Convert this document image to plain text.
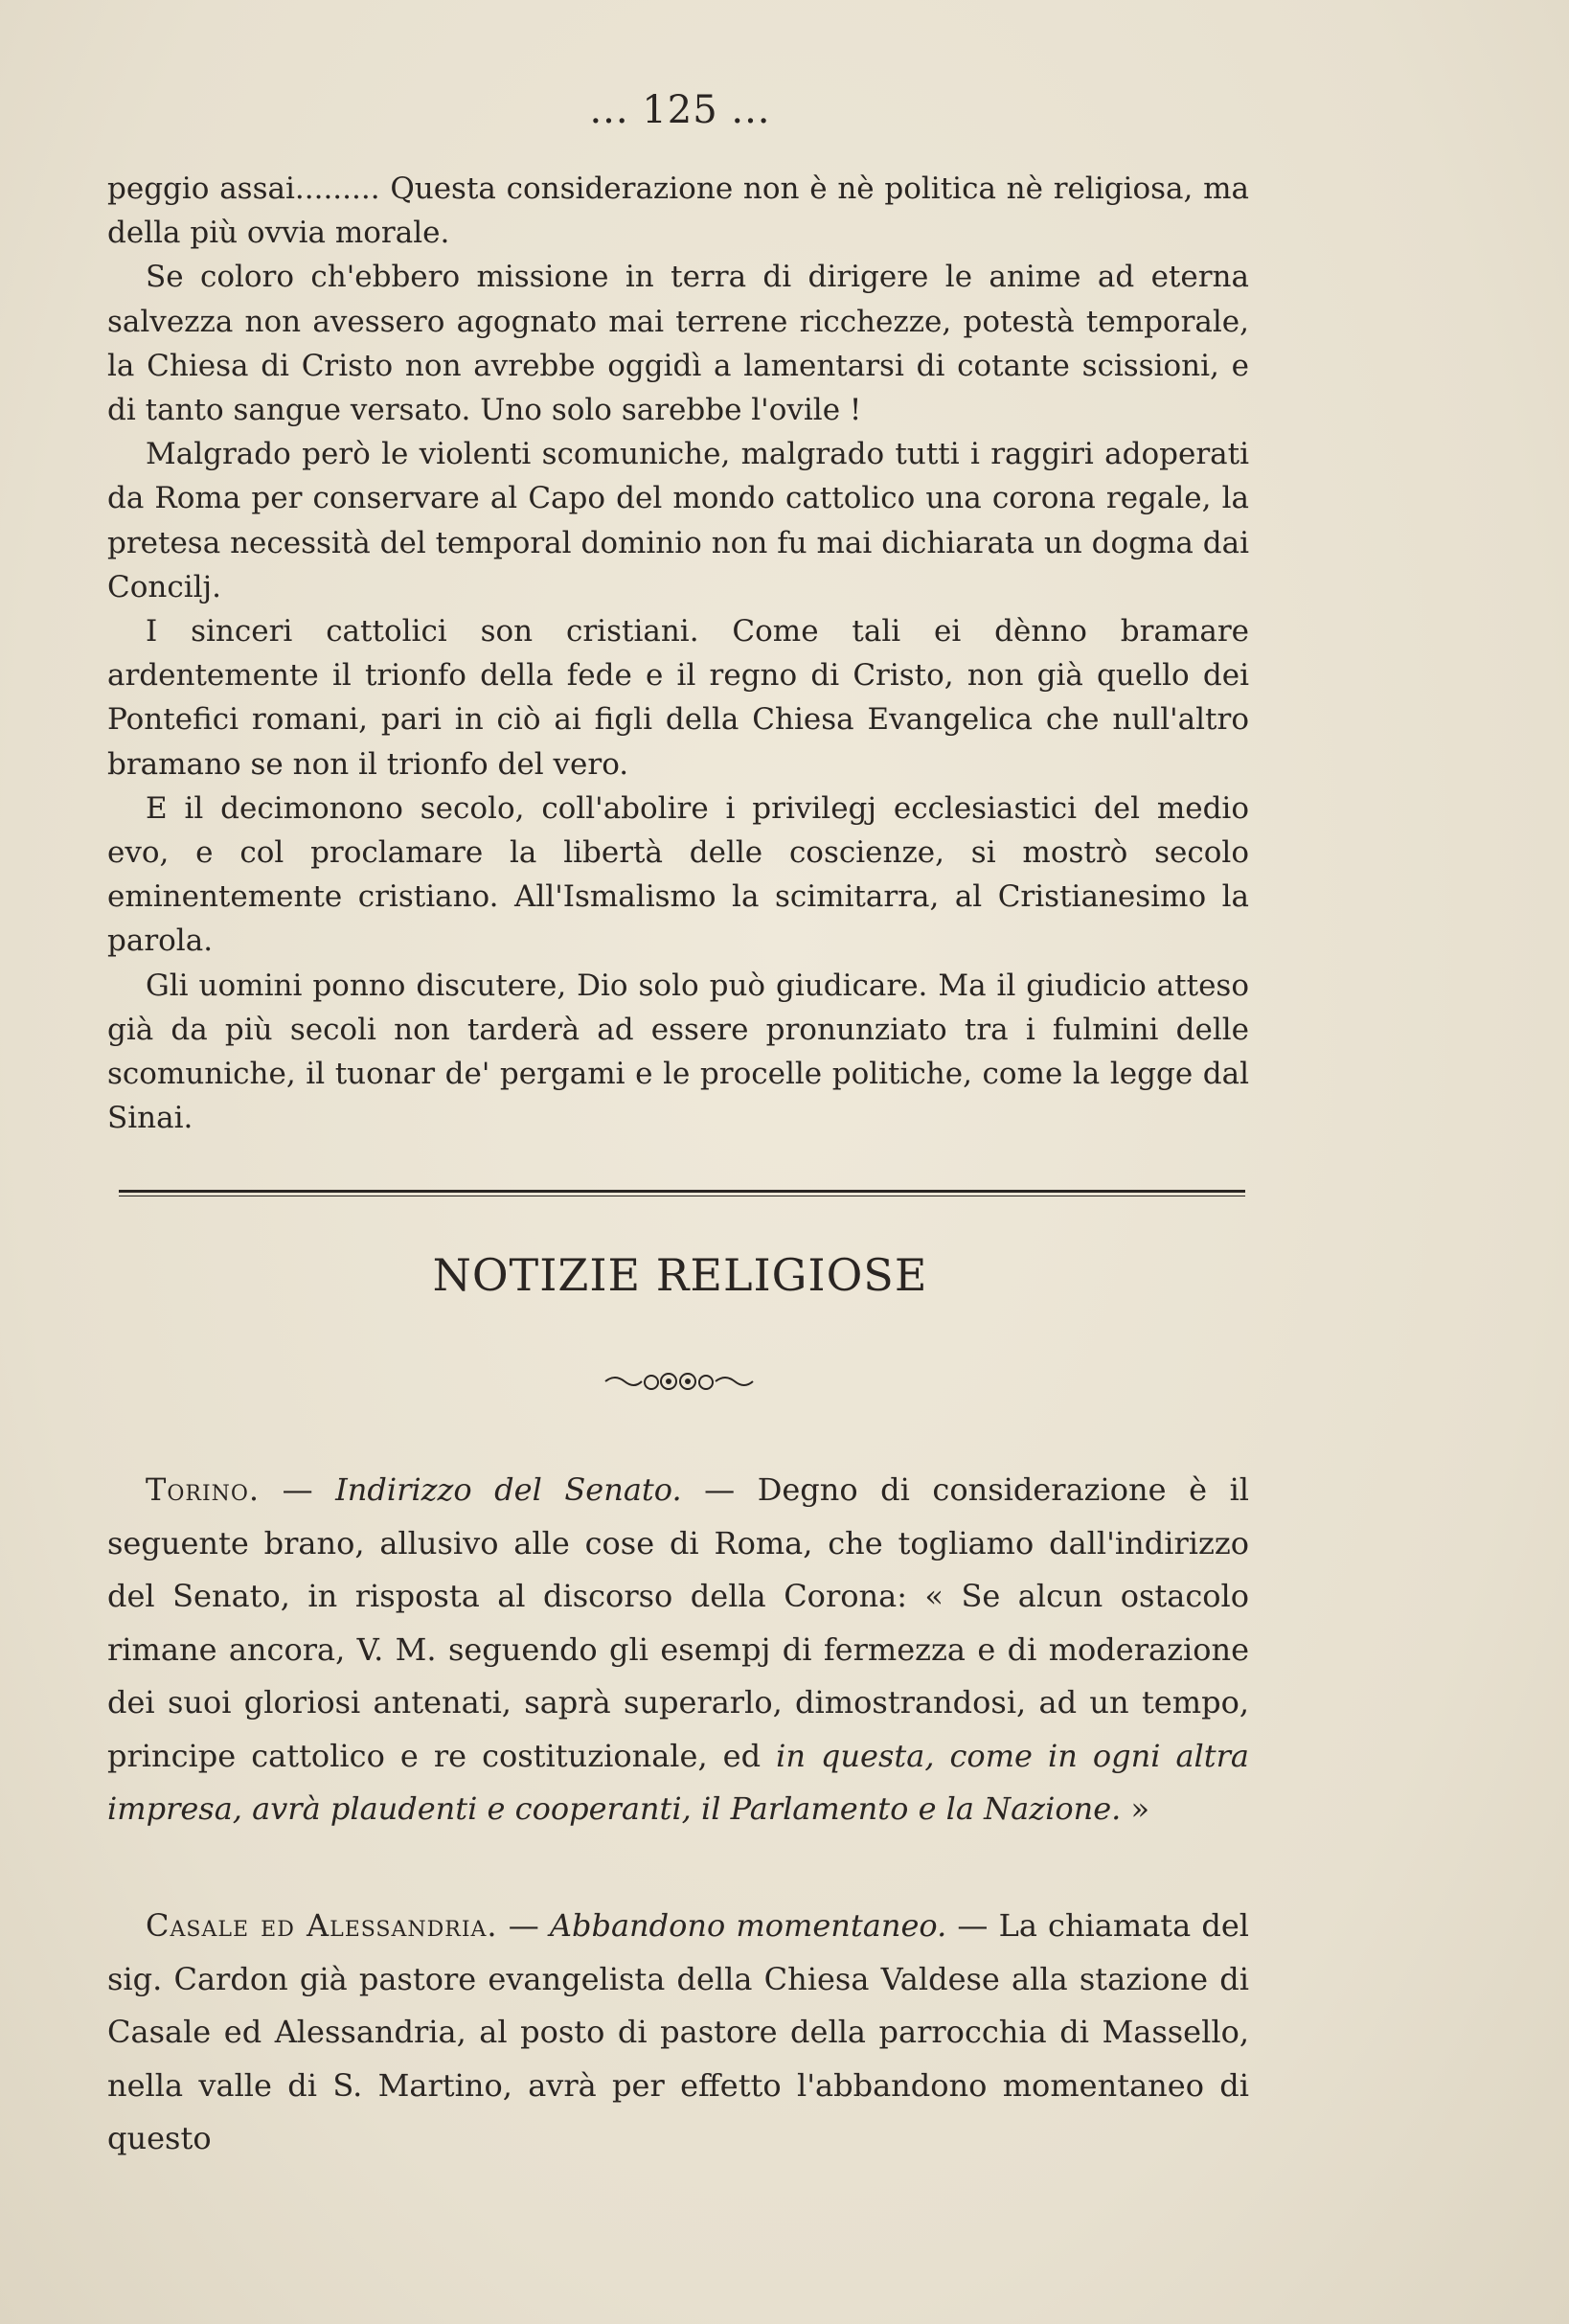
... 125 ...

peggio assai......... Questa considerazione non è nè politica nè religiosa, ma della più ovvia morale.

Se coloro ch'ebbero missione in terra di dirigere le anime ad eterna salvezza non avessero agognato mai terrene ricchezze, potestà temporale, la Chiesa di Cristo non avrebbe oggidì a lamentarsi di cotante scissioni, e di tanto sangue versato. Uno solo sarebbe l'ovile !

Malgrado però le violenti scomuniche, malgrado tutti i raggiri adoperati da Roma per conservare al Capo del mondo cattolico una corona regale, la pretesa necessità del temporal dominio non fu mai dichiarata un dogma dai Concilj.

I sinceri cattolici son cristiani. Come tali ei dènno bramare ardentemente il trionfo della fede e il regno di Cristo, non già quello dei Pontefici romani, pari in ciò ai figli della Chiesa Evangelica che null'altro bramano se non il trionfo del vero.

E il decimonono secolo, coll'abolire i privilegj ecclesiastici del medio evo, e col proclamare la libertà delle coscienze, si mostrò secolo eminentemente cristiano. All'Ismalismo la scimitarra, al Cristianesimo la parola.

Gli uomini ponno discutere, Dio solo può giudicare. Ma il giudicio atteso già da più secoli non tarderà ad essere pronunziato tra i fulmini delle scomuniche, il tuonar de' pergami e le procelle politiche, come la legge dal Sinai.

NOTIZIE RELIGIOSE

Torino. — Indirizzo del Senato. — Degno di considerazione è il seguente brano, allusivo alle cose di Roma, che togliamo dall'indirizzo del Senato, in risposta al discorso della Corona: « Se alcun ostacolo rimane ancora, V. M. seguendo gli esempj di fermezza e di moderazione dei suoi gloriosi antenati, saprà superarlo, dimostrandosi, ad un tempo, principe cattolico e re costituzionale, ed in questa, come in ogni altra impresa, avrà plaudenti e cooperanti, il Parlamento e la Nazione. »

Casale ed Alessandria. — Abbandono momentaneo. — La chiamata del sig. Cardon già pastore evangelista della Chiesa Valdese alla stazione di Casale ed Alessandria, al posto di pastore della parrocchia di Massello, nella valle di S. Martino, avrà per effetto l'abbandono momentaneo di questo
